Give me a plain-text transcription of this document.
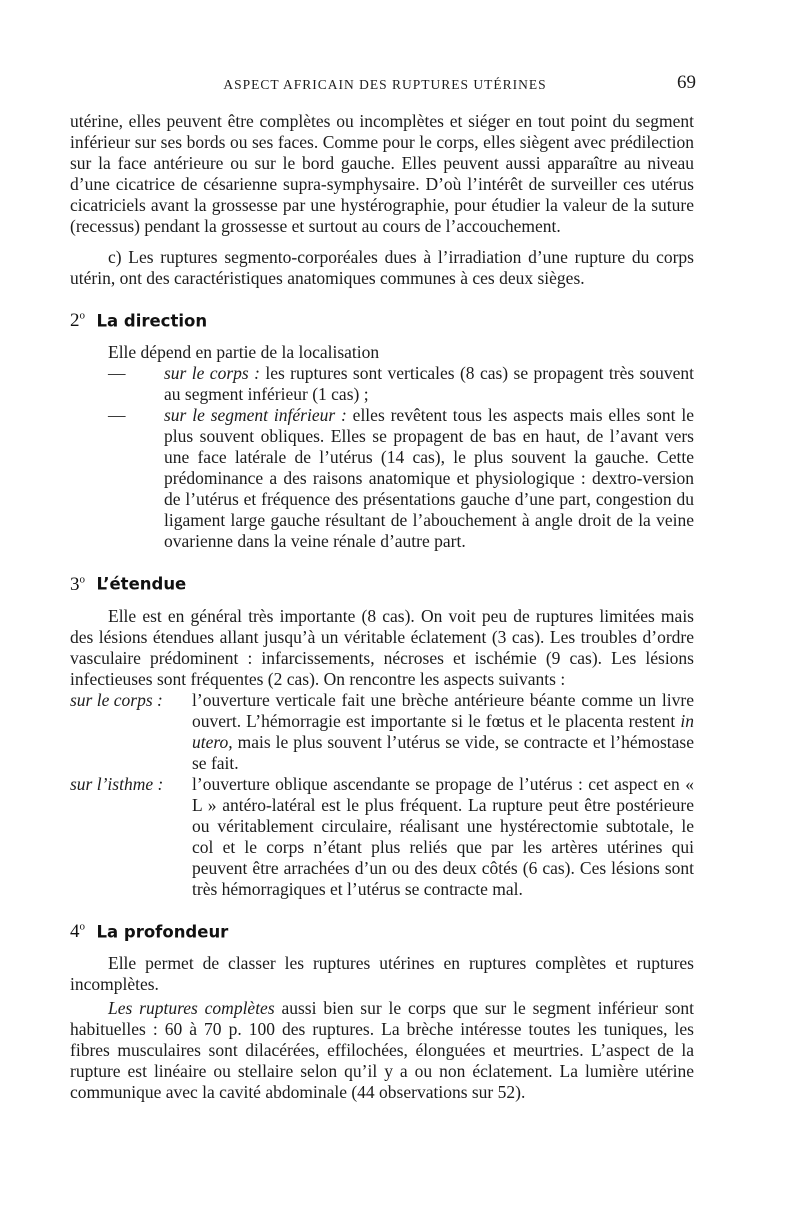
ASPECT AFRICAIN DES RUPTURES UTÉRINES	69

utérine, elles peuvent être complètes ou incomplètes et siéger en tout point du segment inférieur sur ses bords ou ses faces. Comme pour le corps, elles siègent avec prédilection sur la face antérieure ou sur le bord gauche. Elles peuvent aussi apparaître au niveau d’une cicatrice de césarienne supra-symphysaire. D’où l’intérêt de surveiller ces utérus cicatriciels avant la grossesse par une hystérographie, pour étudier la valeur de la suture (recessus) pendant la grossesse et surtout au cours de l’accouchement.

c) Les ruptures segmento-corporéales dues à l’irradiation d’une rupture du corps utérin, ont des caractéristiques anatomiques communes à ces deux sièges.

2$^o$ La direction

Elle dépend en partie de la localisation

— sur le corps : les ruptures sont verticales (8 cas) se propagent très souvent au segment inférieur (1 cas) ;
— sur le segment inférieur : elles revêtent tous les aspects mais elles sont le plus souvent obliques. Elles se propagent de bas en haut, de l’avant vers une face latérale de l’utérus (14 cas), le plus souvent la gauche. Cette prédominance a des raisons anatomique et physiologique : dextro-version de l’utérus et fréquence des présentations gauche d’une part, congestion du ligament large gauche résultant de l’abouchement à angle droit de la veine ovarienne dans la veine rénale d’autre part.
3$^o$ L’étendue

Elle est en général très importante (8 cas). On voit peu de ruptures limitées mais des lésions étendues allant jusqu’à un véritable éclatement (3 cas). Les troubles d’ordre vasculaire prédominent : infarcissements, nécroses et ischémie (9 cas). Les lésions infectieuses sont fréquentes (2 cas). On rencontre les aspects suivants :

sur le corps : l’ouverture verticale fait une brèche antérieure béante comme un livre ouvert. L’hémorragie est importante si le fœtus et le placenta restent in utero, mais le plus souvent l’utérus se vide, se contracte et l’hémostase se fait.
sur l’isthme : l’ouverture oblique ascendante se propage de l’utérus : cet aspect en « L » antéro-latéral est le plus fréquent. La rupture peut être postérieure ou véritablement circulaire, réalisant une hystérectomie subtotale, le col et le corps n’étant plus reliés que par les artères utérines qui peuvent être arrachées d’un ou des deux côtés (6 cas). Ces lésions sont très hémorragiques et l’utérus se contracte mal.
4$^o$ La profondeur

Elle permet de classer les ruptures utérines en ruptures complètes et ruptures incomplètes.

Les ruptures complètes aussi bien sur le corps que sur le segment inférieur sont habituelles : 60 à 70 p. 100 des ruptures. La brèche intéresse toutes les tuniques, les fibres musculaires sont dilacérées, effilochées, élonguées et meurtries. L’aspect de la rupture est linéaire ou stellaire selon qu’il y a ou non éclatement. La lumière utérine communique avec la cavité abdominale (44 observations sur 52).
